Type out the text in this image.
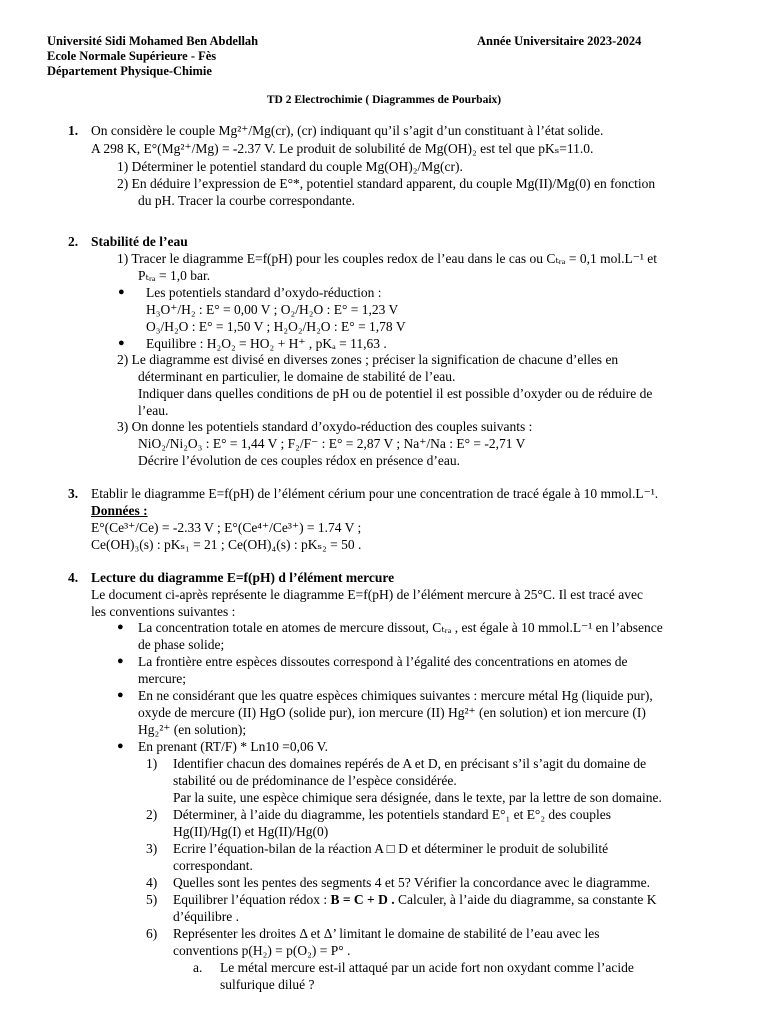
Université Sidi Mohamed Ben Abdellah
Ecole Normale Supérieure - Fès
Département Physique-Chimie
Année Universitaire 2023-2024
TD 2 Electrochimie ( Diagrammes de Pourbaix)
1. On considère le couple Mg²⁺/Mg(cr), (cr) indiquant qu’il s’agit d’un constituant à l’état solide.
A 298 K, E°(Mg²⁺/Mg) = -2.37 V. Le produit de solubilité de Mg(OH)₂ est tel que pKₛ=11.0.
1) Déterminer le potentiel standard du couple Mg(OH)₂/Mg(cr).
2) En déduire l’expression de E°*, potentiel standard apparent, du couple Mg(II)/Mg(0) en fonction
du pH. Tracer la courbe correspondante.
2. Stabilité de l’eau
1) Tracer le diagramme E=f(pH) pour les couples redox de l’eau dans le cas ou Cₜᵣₐ = 0,1 mol.L⁻¹ et
Pₜᵣₐ = 1,0 bar.
● Les potentiels standard d’oxydo-réduction :
H₃O⁺/H₂ : E° = 0,00 V ; O₂/H₂O : E° = 1,23 V
O₃/H₂O : E° = 1,50 V ; H₂O₂/H₂O : E° = 1,78 V
● Equilibre : H₂O₂ = HO₂ + H⁺ , pKₐ = 11,63 .
2) Le diagramme est divisé en diverses zones ; préciser la signification de chacune d’elles en
déterminant en particulier, le domaine de stabilité de l’eau.
Indiquer dans quelles conditions de pH ou de potentiel il est possible d’oxyder ou de réduire de
l’eau.
3) On donne les potentiels standard d’oxydo-réduction des couples suivants :
NiO₂/Ni₂O₃ : E° = 1,44 V ; F₂/F⁻ : E° = 2,87 V ; Na⁺/Na : E° = -2,71 V
Décrire l’évolution de ces couples rédox en présence d’eau.
3. Etablir le diagramme E=f(pH) de l’élément cérium pour une concentration de tracé égale à 10 mmol.L⁻¹.
Données :
E°(Ce³⁺/Ce) = -2.33 V ; E°(Ce⁴⁺/Ce³⁺) = 1.74 V ;
Ce(OH)₃(s) : pKₛ₁ = 21 ; Ce(OH)₄(s) : pKₛ₂ = 50 .
4. Lecture du diagramme E=f(pH) d l’élément mercure
Le document ci-après représente le diagramme E=f(pH) de l’élément mercure à 25°C. Il est tracé avec
les conventions suivantes :
● La concentration totale en atomes de mercure dissout, Cₜᵣₐ , est égale à 10 mmol.L⁻¹ en l’absence
de phase solide;
● La frontière entre espèces dissoutes correspond à l’égalité des concentrations en atomes de
mercure;
● En ne considérant que les quatre espèces chimiques suivantes : mercure métal Hg (liquide pur),
oxyde de mercure (II) HgO (solide pur), ion mercure (II) Hg²⁺ (en solution) et ion mercure (I)
Hg₂²⁺ (en solution);
● En prenant (RT/F) * Ln10 =0,06 V.
1) Identifier chacun des domaines repérés de A et D, en précisant s’il s’agit du domaine de
stabilité ou de prédominance de l’espèce considérée.
Par la suite, une espèce chimique sera désignée, dans le texte, par la lettre de son domaine.
2) Déterminer, à l’aide du diagramme, les potentiels standard E°₁ et E°₂ des couples
Hg(II)/Hg(I) et Hg(II)/Hg(0)
3) Ecrire l’équation-bilan de la réaction A □ D et déterminer le produit de solubilité
correspondant.
4) Quelles sont les pentes des segments 4 et 5? Vérifier la concordance avec le diagramme.
5) Equilibrer l’équation rédox : B = C + D . Calculer, à l’aide du diagramme, sa constante K
d’équilibre .
6) Représenter les droites Δ et Δ’ limitant le domaine de stabilité de l’eau avec les
conventions p(H₂) = p(O₂) = P° .
a. Le métal mercure est-il attaqué par un acide fort non oxydant comme l’acide
sulfurique dilué ?
